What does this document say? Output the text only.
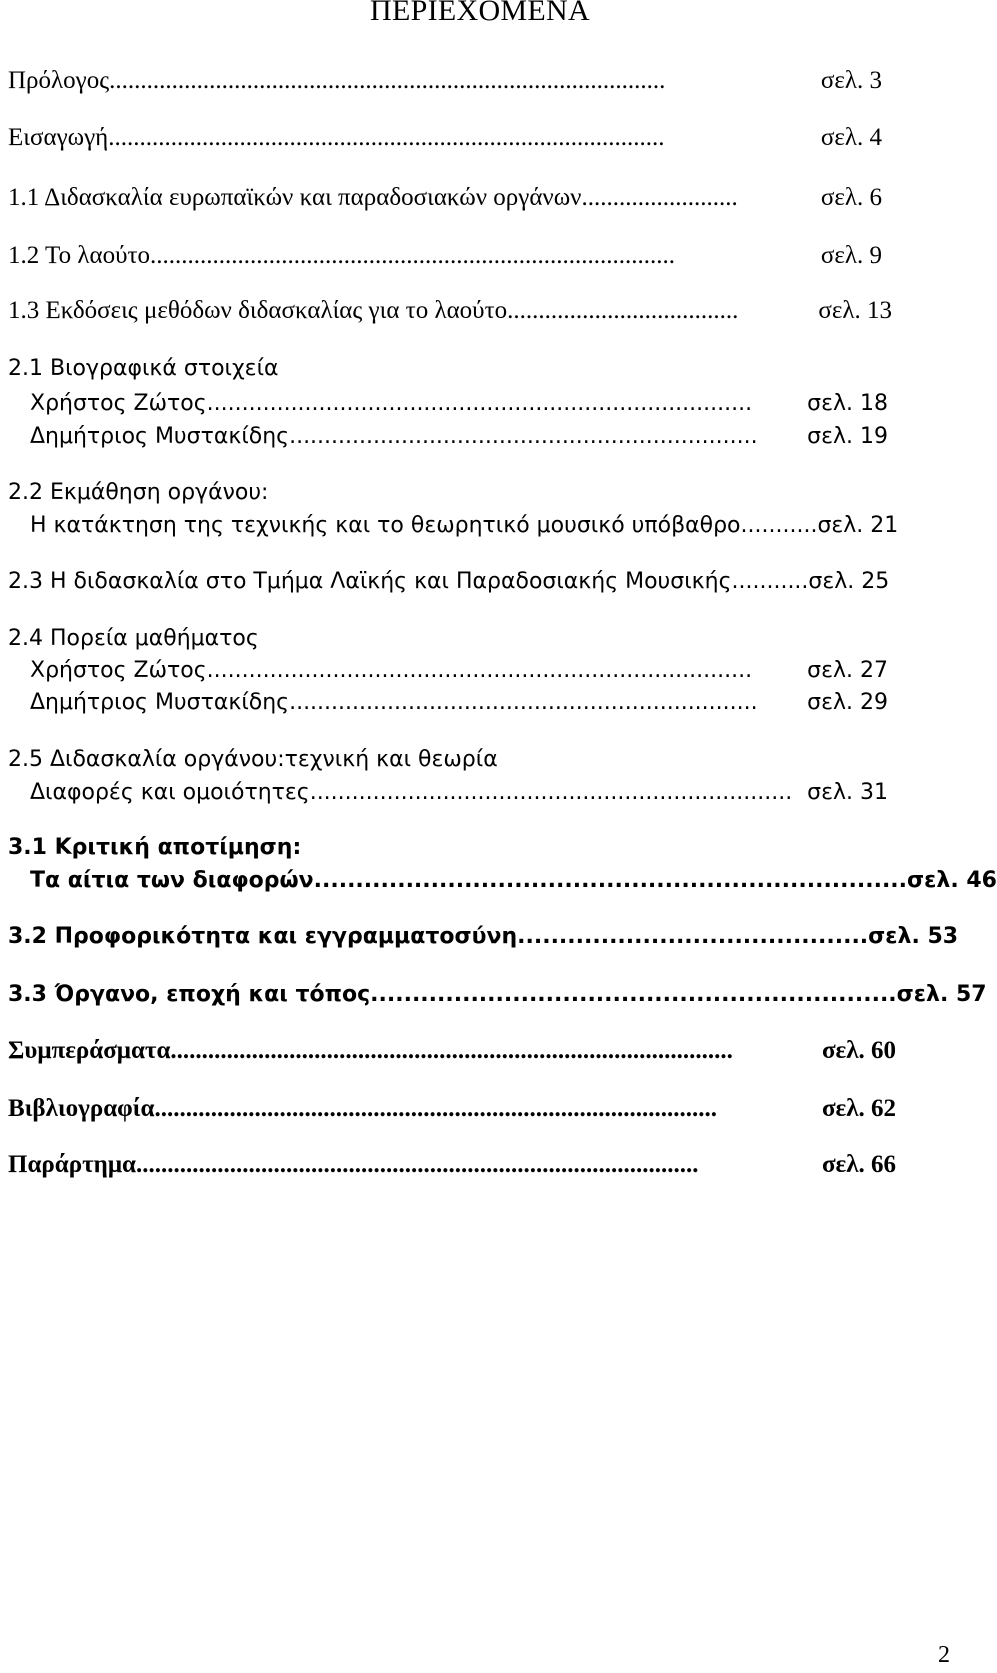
ΠΕΡΙΕΧΟΜΕΝΑ
Πρόλογος.........................................................................................	σελ. 3
Εισαγωγή.........................................................................................	σελ. 4
1.1 Διδασκαλία ευρωπαϊκών και παραδοσιακών οργάνων.........................	σελ. 6
1.2 Το λαούτο....................................................................................	σελ. 9
1.3 Εκδόσεις μεθόδων διδασκαλίας για το λαούτο.....................................	σελ. 13
2.1 Βιογραφικά στοιχεία
Χρήστος Ζώτος..............................................................................	σελ. 18
Δημήτριος Μυστακίδης................................................................... σελ. 19
2.2 Εκμάθηση οργάνου:
Η κατάκτηση της τεχνικής και το θεωρητικό μουσικό υπόβαθρο........... σελ. 21
2.3 Η διδασκαλία στο Τμήμα Λαϊκής και Παραδοσιακής Μουσικής........... σελ. 25
2.4 Πορεία μαθήματος
Χρήστος Ζώτος..............................................................................	σελ. 27
Δημήτριος Μυστακίδης................................................................... σελ. 29
2.5 Διδασκαλία οργάνου:τεχνική και θεωρία
Διαφορές και ομοιότητες..................................................................... σελ. 31
3.1 Κριτική αποτίμηση:
Τα αίτια των διαφορών....................................................................... σελ. 46
3.2 Προφορικότητα και εγγραμματοσύνη.......................................... σελ. 53
3.3 Όργανο, εποχή και τόπος............................................................... σελ. 57
Συμπεράσματα..........................................................................................	σελ. 60
Βιβλιογραφία..........................................................................................	σελ. 62
Παράρτημα..........................................................................................	σελ. 66
2
